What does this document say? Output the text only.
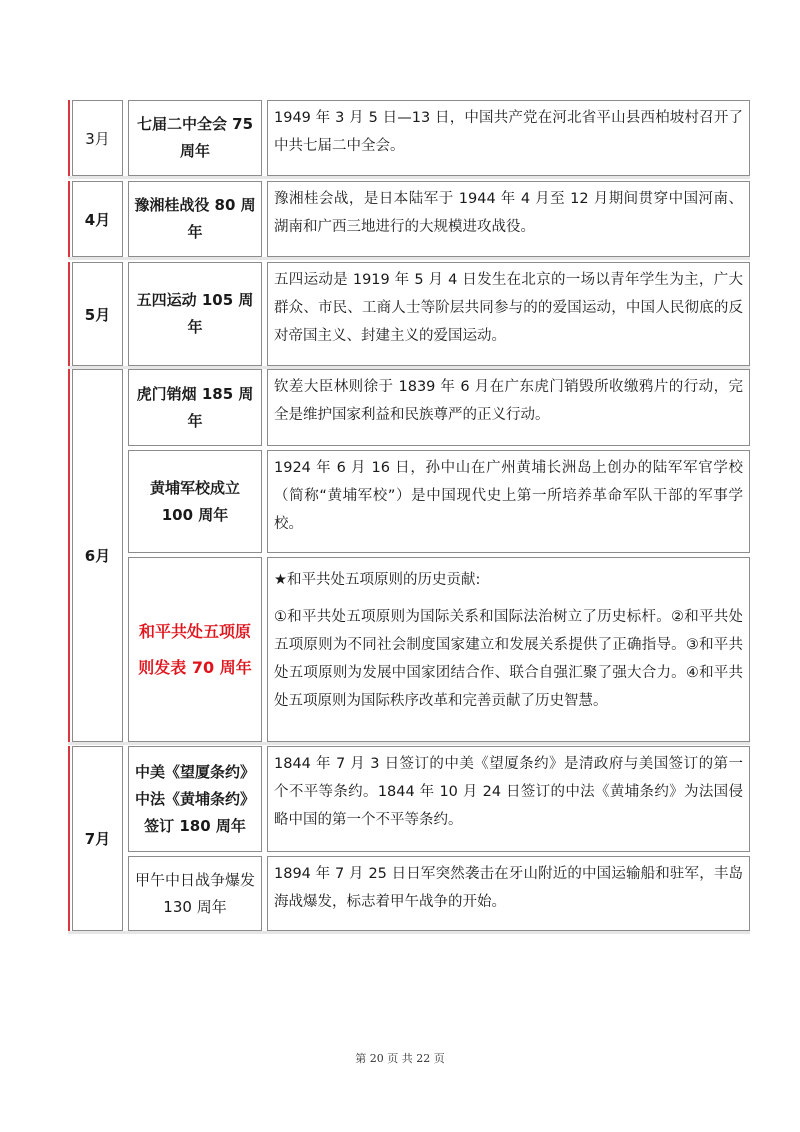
3月
七届二中全会 75 周年
1949 年 3 月 5 日—13 日，中国共产党在河北省平山县西柏坡村召开了中共七届二中全会。
4月
豫湘桂战役 80 周年
豫湘桂会战，是日本陆军于 1944 年 4 月至 12 月期间贯穿中国河南、湖南和广西三地进行的大规模进攻战役。
5月
五四运动 105 周年
五四运动是 1919 年 5 月 4 日发生在北京的一场以青年学生为主，广大群众、市民、工商人士等阶层共同参与的的爱国运动，中国人民彻底的反对帝国主义、封建主义的爱国运动。
6月
虎门销烟 185 周年
钦差大臣林则徐于 1839 年 6 月在广东虎门销毁所收缴鸦片的行动，完全是维护国家利益和民族尊严的正义行动。
黄埔军校成立 100 周年
1924 年 6 月 16 日，孙中山在广州黄埔长洲岛上创办的陆军军官学校（简称“黄埔军校”）是中国现代史上第一所培养革命军队干部的军事学校。
和平共处五项原则发表 70 周年

★和平共处五项原则的历史贡献:

①和平共处五项原则为国际关系和国际法治树立了历史标杆。②和平共处五项原则为不同社会制度国家建立和发展关系提供了正确指导。③和平共处五项原则为发展中国家团结合作、联合自强汇聚了强大合力。④和平共处五项原则为国际秩序改革和完善贡献了历史智慧。

7月
中美《望厦条约》中法《黄埔条约》签订 180 周年
1844 年 7 月 3 日签订的中美《望厦条约》是清政府与美国签订的第一个不平等条约。1844 年 10 月 24 日签订的中法《黄埔条约》为法国侵略中国的第一个不平等条约。
甲午中日战争爆发 130 周年
1894 年 7 月 25 日日军突然袭击在牙山附近的中国运输船和驻军，丰岛海战爆发，标志着甲午战争的开始。
第 20 页 共 22 页
